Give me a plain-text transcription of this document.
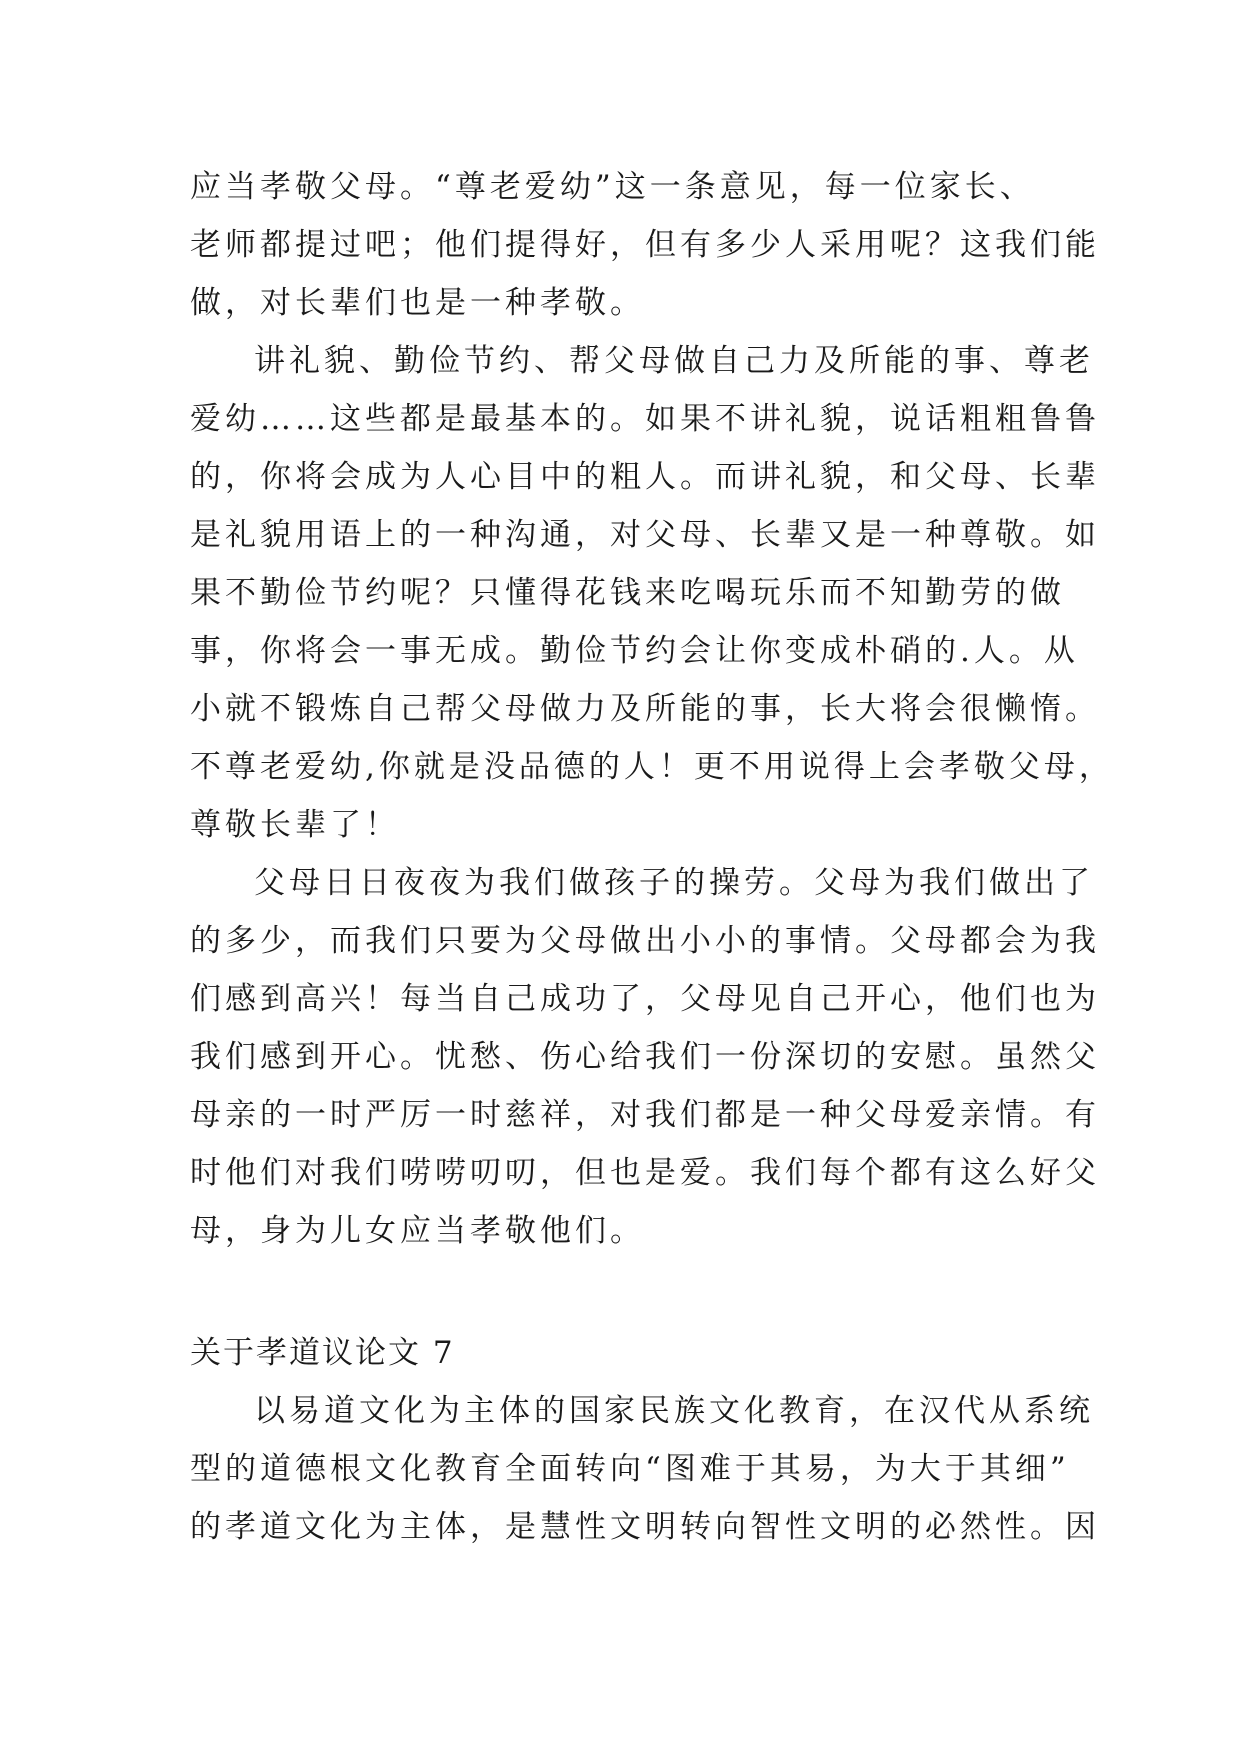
应当孝敬父母。“尊老爱幼”这一条意见，每一位家长、
老师都提过吧；他们提得好，但有多少人采用呢？这我们能
做，对长辈们也是一种孝敬。
讲礼貌、勤俭节约、帮父母做自己力及所能的事、尊老
爱幼……这些都是最基本的。如果不讲礼貌，说话粗粗鲁鲁
的，你将会成为人心目中的粗人。而讲礼貌，和父母、长辈
是礼貌用语上的一种沟通，对父母、长辈又是一种尊敬。如
果不勤俭节约呢？只懂得花钱来吃喝玩乐而不知勤劳的做
事，你将会一事无成。勤俭节约会让你变成朴硝的.人。从
小就不锻炼自己帮父母做力及所能的事，长大将会很懒惰。
不尊老爱幼,你就是没品德的人！更不用说得上会孝敬父母，
尊敬长辈了！
父母日日夜夜为我们做孩子的操劳。父母为我们做出了
的多少，而我们只要为父母做出小小的事情。父母都会为我
们感到高兴！每当自己成功了，父母见自己开心，他们也为
我们感到开心。忧愁、伤心给我们一份深切的安慰。虽然父
母亲的一时严厉一时慈祥，对我们都是一种父母爱亲情。有
时他们对我们唠唠叨叨，但也是爱。我们每个都有这么好父
母，身为儿女应当孝敬他们。
关于孝道议论文 7
以易道文化为主体的国家民族文化教育，在汉代从系统
型的道德根文化教育全面转向“图难于其易，为大于其细”
的孝道文化为主体，是慧性文明转向智性文明的必然性。因
